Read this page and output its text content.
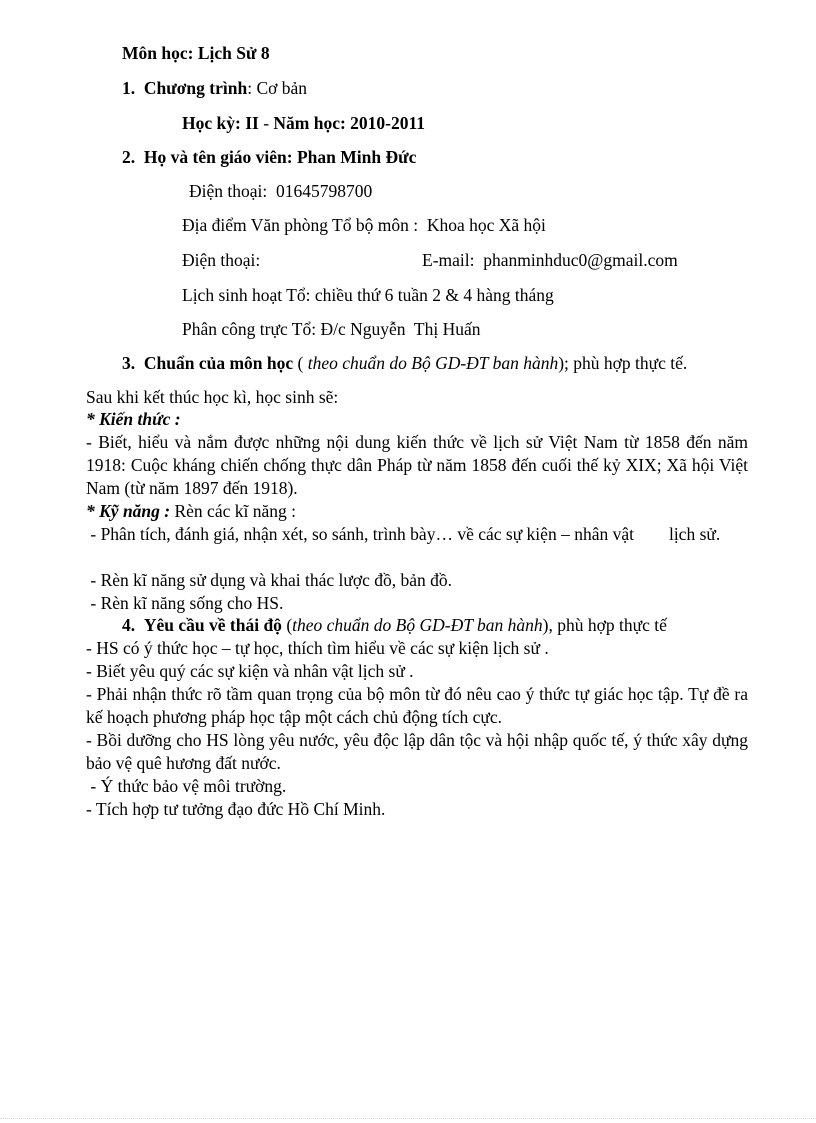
Môn học: Lịch Sử 8
1. Chương trình: Cơ bản
Học kỳ: II - Năm học: 2010-2011
2. Họ và tên giáo viên: Phan Minh Đức
Điện thoại:  01645798700
Địa điểm Văn phòng Tổ bộ môn :  Khoa học Xã hội
Điện thoại:	E-mail:  phanminhduc0@gmail.com
Lịch sinh hoạt Tổ: chiều thứ 6 tuần 2 & 4 hàng tháng
Phân công trực Tổ: Đ/c Nguyễn  Thị Huấn
3. Chuẩn của môn học ( theo chuẩn do Bộ GD-ĐT ban hành); phù hợp thực tế.
Sau khi kết thúc học kì, học sinh sẽ:
* Kiến thức :
- Biết, hiểu và nắm được những nội dung kiến thức về lịch sử Việt Nam từ 1858 đến năm 1918: Cuộc kháng chiến chống thực dân Pháp từ năm 1858 đến cuối thế kỷ XIX; Xã hội Việt Nam (từ năm 1897 đến 1918).
* Kỹ năng : Rèn các kĩ năng :
- Phân tích, đánh giá, nhận xét, so sánh, trình bày… về các sự kiện – nhân vật        lịch sử.
- Rèn kĩ năng sử dụng và khai thác lược đồ, bản đồ.
- Rèn kĩ năng sống cho HS.
4. Yêu cầu về thái độ (theo chuẩn do Bộ GD-ĐT ban hành), phù hợp thực tế
- HS có ý thức học – tự học, thích tìm hiểu về các sự kiện lịch sử .
- Biết yêu quý các sự kiện và nhân vật lịch sử .
- Phải nhận thức rõ tầm quan trọng của bộ môn từ đó nêu cao ý thức tự giác học tập. Tự đề ra kế hoạch phương pháp học tập một cách chủ động tích cực.
- Bồi dưỡng cho HS lòng yêu nước, yêu độc lập dân tộc và hội nhập quốc tế, ý thức xây dựng bảo vệ quê hương đất nước.
- Ý thức bảo vệ môi trường.
- Tích hợp tư tưởng đạo đức Hồ Chí Minh.
